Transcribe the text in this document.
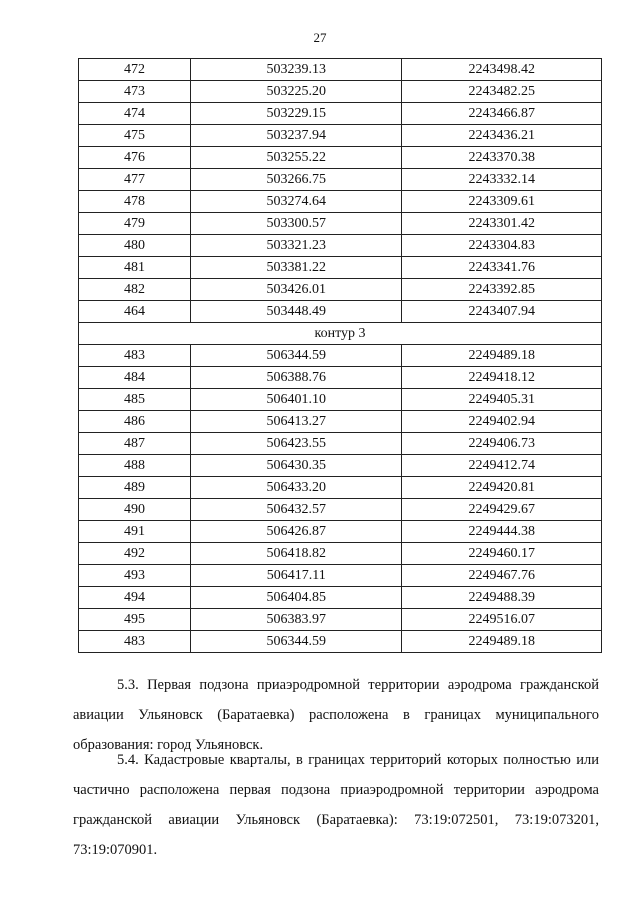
27
472	503239.13	2243498.42
473	503225.20	2243482.25
474	503229.15	2243466.87
475	503237.94	2243436.21
476	503255.22	2243370.38
477	503266.75	2243332.14
478	503274.64	2243309.61
479	503300.57	2243301.42
480	503321.23	2243304.83
481	503381.22	2243341.76
482	503426.01	2243392.85
464	503448.49	2243407.94
контур 3		
483	506344.59	2249489.18
484	506388.76	2249418.12
485	506401.10	2249405.31
486	506413.27	2249402.94
487	506423.55	2249406.73
488	506430.35	2249412.74
489	506433.20	2249420.81
490	506432.57	2249429.67
491	506426.87	2249444.38
492	506418.82	2249460.17
493	506417.11	2249467.76
494	506404.85	2249488.39
495	506383.97	2249516.07
483	506344.59	2249489.18
5.3. Первая подзона приаэродромной территории аэродрома гражданской авиации Ульяновск (Баратаевка) расположена в границах муниципального образования: город Ульяновск.
5.4. Кадастровые кварталы, в границах территорий которых полностью или частично расположена первая подзона приаэродромной территории аэродрома гражданской авиации Ульяновск (Баратаевка): 73:19:072501, 73:19:073201, 73:19:070901.
